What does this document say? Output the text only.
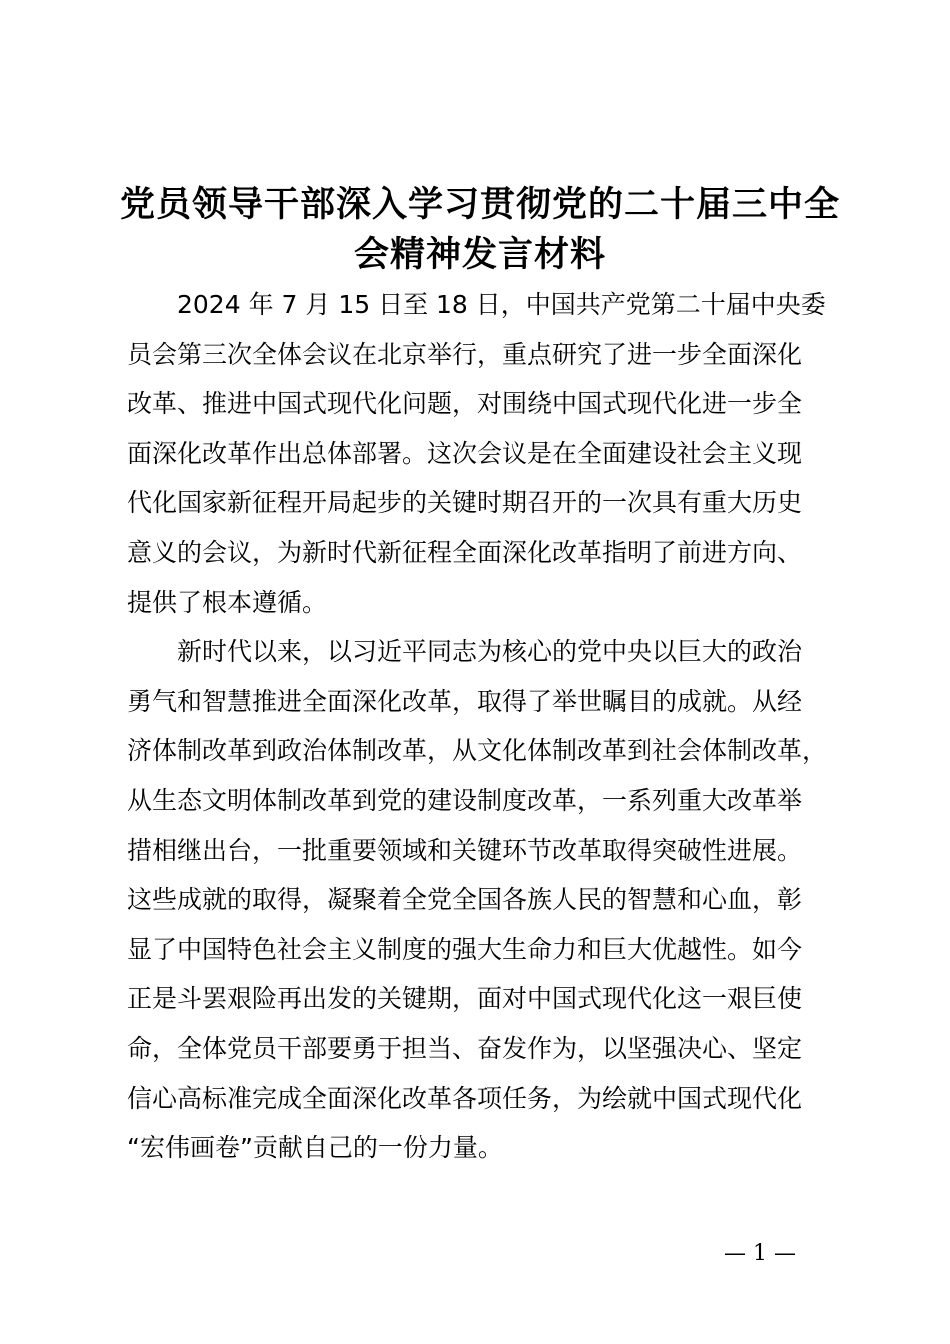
党员领导干部深入学习贯彻党的二十届三中全
会精神发言材料

2024 年 7 月 15 日至 18 日，中国共产党第二十届中央委
员会第三次全体会议在北京举行，重点研究了进一步全面深化
改革、推进中国式现代化问题，对围绕中国式现代化进一步全
面深化改革作出总体部署。这次会议是在全面建设社会主义现
代化国家新征程开局起步的关键时期召开的一次具有重大历史
意义的会议，为新时代新征程全面深化改革指明了前进方向、
提供了根本遵循。

新时代以来，以习近平同志为核心的党中央以巨大的政治
勇气和智慧推进全面深化改革，取得了举世瞩目的成就。从经
济体制改革到政治体制改革，从文化体制改革到社会体制改革，
从生态文明体制改革到党的建设制度改革，一系列重大改革举
措相继出台，一批重要领域和关键环节改革取得突破性进展。
这些成就的取得，凝聚着全党全国各族人民的智慧和心血，彰
显了中国特色社会主义制度的强大生命力和巨大优越性。如今
正是斗罢艰险再出发的关键期，面对中国式现代化这一艰巨使
命，全体党员干部要勇于担当、奋发作为，以坚强决心、坚定
信心高标准完成全面深化改革各项任务，为绘就中国式现代化
“宏伟画卷”贡献自己的一份力量。

— 1 —
